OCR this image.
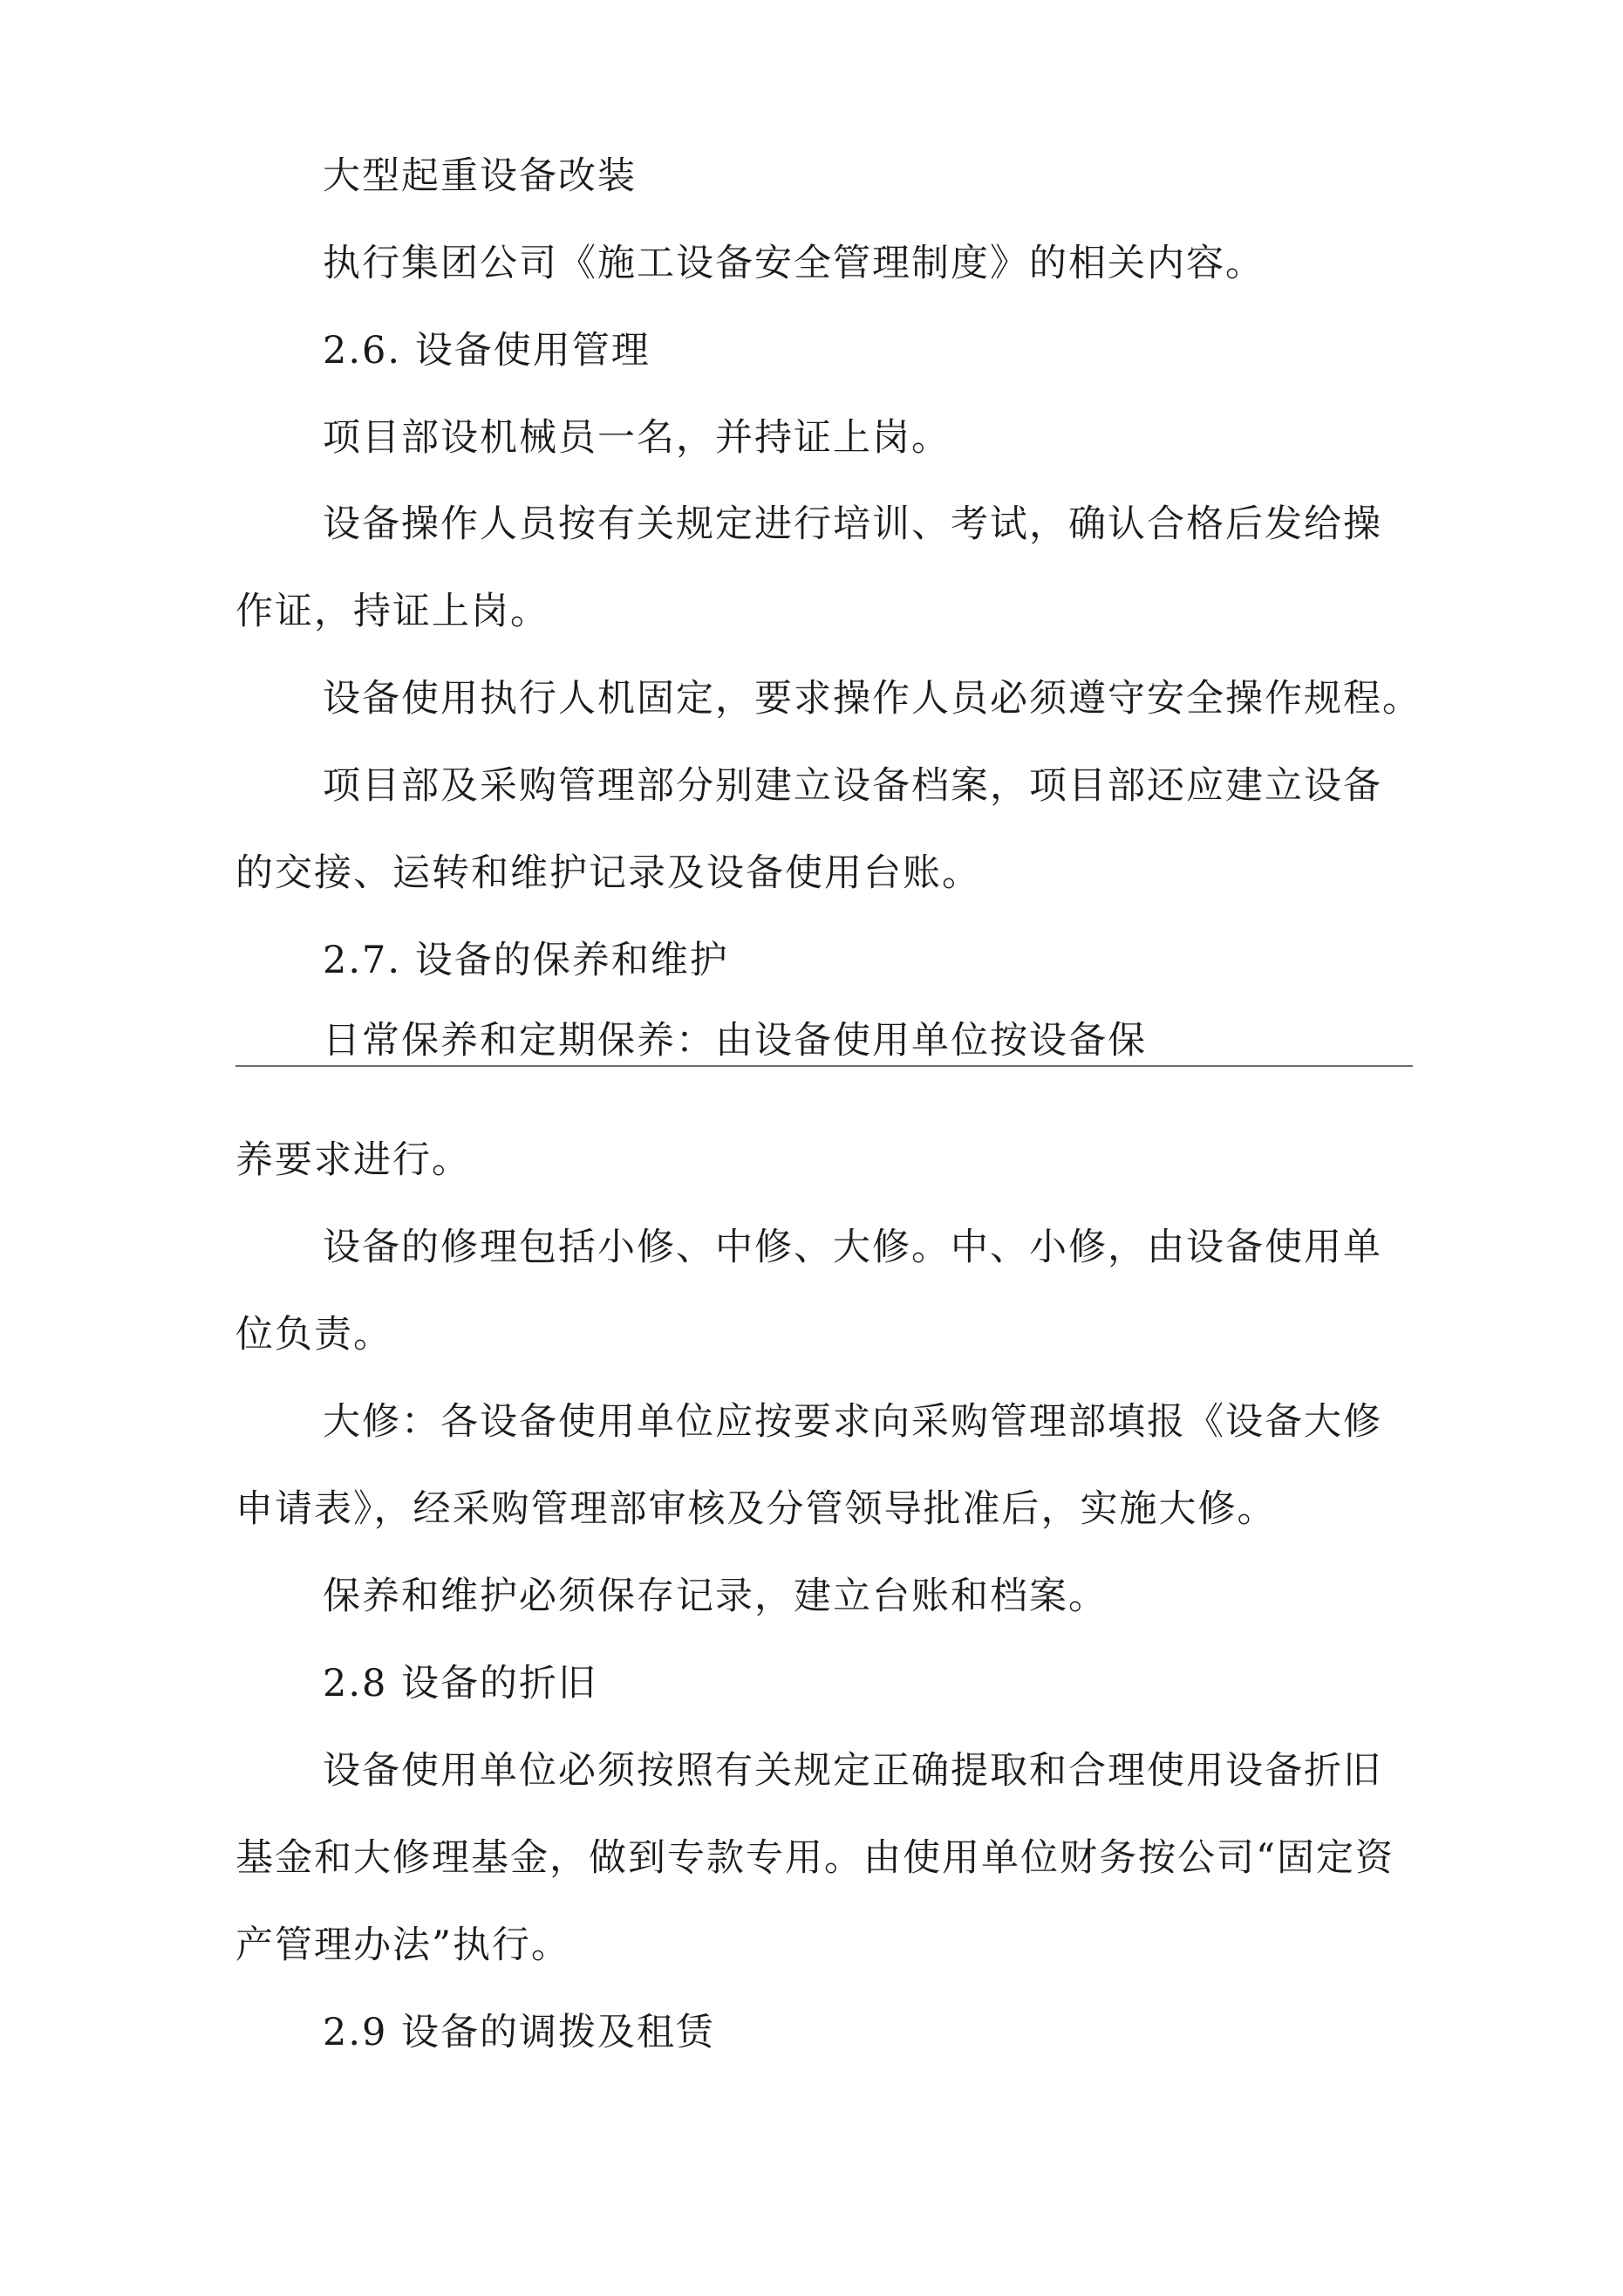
大型起重设备改装
执行集团公司《施工设备安全管理制度》的相关内容。
2.6. 设备使用管理
项目部设机械员一名，并持证上岗。
设备操作人员按有关规定进行培训、考试，确认合格后发给操
作证，持证上岗。
设备使用执行人机固定，要求操作人员必须遵守安全操作规程。
项目部及采购管理部分别建立设备档案，项目部还应建立设备
的交接、运转和维护记录及设备使用台账。
2.7. 设备的保养和维护
日常保养和定期保养：由设备使用单位按设备保
养要求进行。
设备的修理包括小修、中修、大修。中、小修，由设备使用单
位负责。
大修：各设备使用单位应按要求向采购管理部填报《设备大修
申请表》，经采购管理部审核及分管领导批准后，实施大修。
保养和维护必须保存记录，建立台账和档案。
2.8 设备的折旧
设备使用单位必须按照有关规定正确提取和合理使用设备折旧
基金和大修理基金，做到专款专用。由使用单位财务按公司“固定资
产管理办法”执行。
2.9 设备的调拨及租赁
